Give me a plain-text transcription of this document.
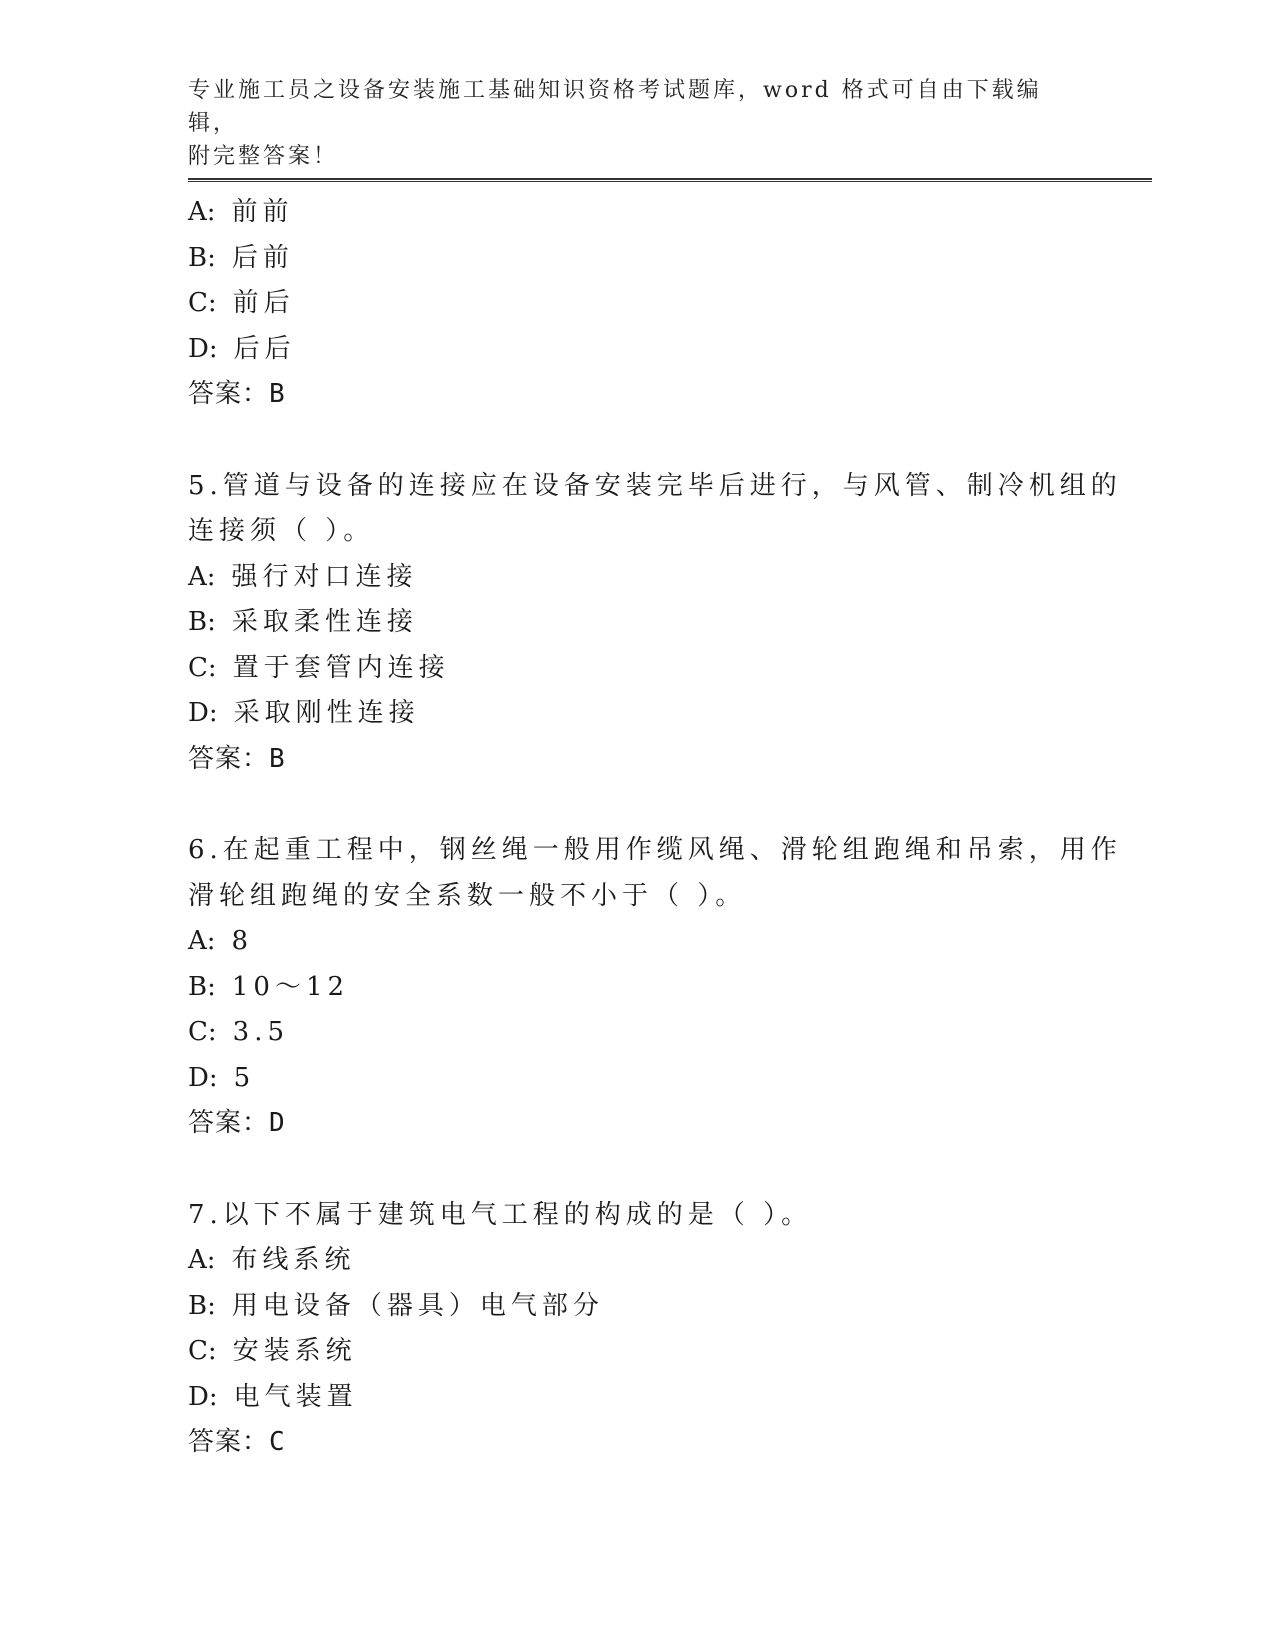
专业施工员之设备安装施工基础知识资格考试题库，word 格式可自由下载编辑，
附完整答案！
A: 前前
B: 后前
C: 前后
D: 后后
答案：B
5.管道与设备的连接应在设备安装完毕后进行，与风管、制冷机组的
连接须（ ）。
A: 强行对口连接
B: 采取柔性连接
C: 置于套管内连接
D: 采取刚性连接
答案：B
6.在起重工程中，钢丝绳一般用作缆风绳、滑轮组跑绳和吊索，用作
滑轮组跑绳的安全系数一般不小于（ ）。
A: 8
B: 10～12
C: 3.5
D: 5
答案：D
7.以下不属于建筑电气工程的构成的是（ ）。
A: 布线系统
B: 用电设备（器具）电气部分
C: 安装系统
D: 电气装置
答案：C
